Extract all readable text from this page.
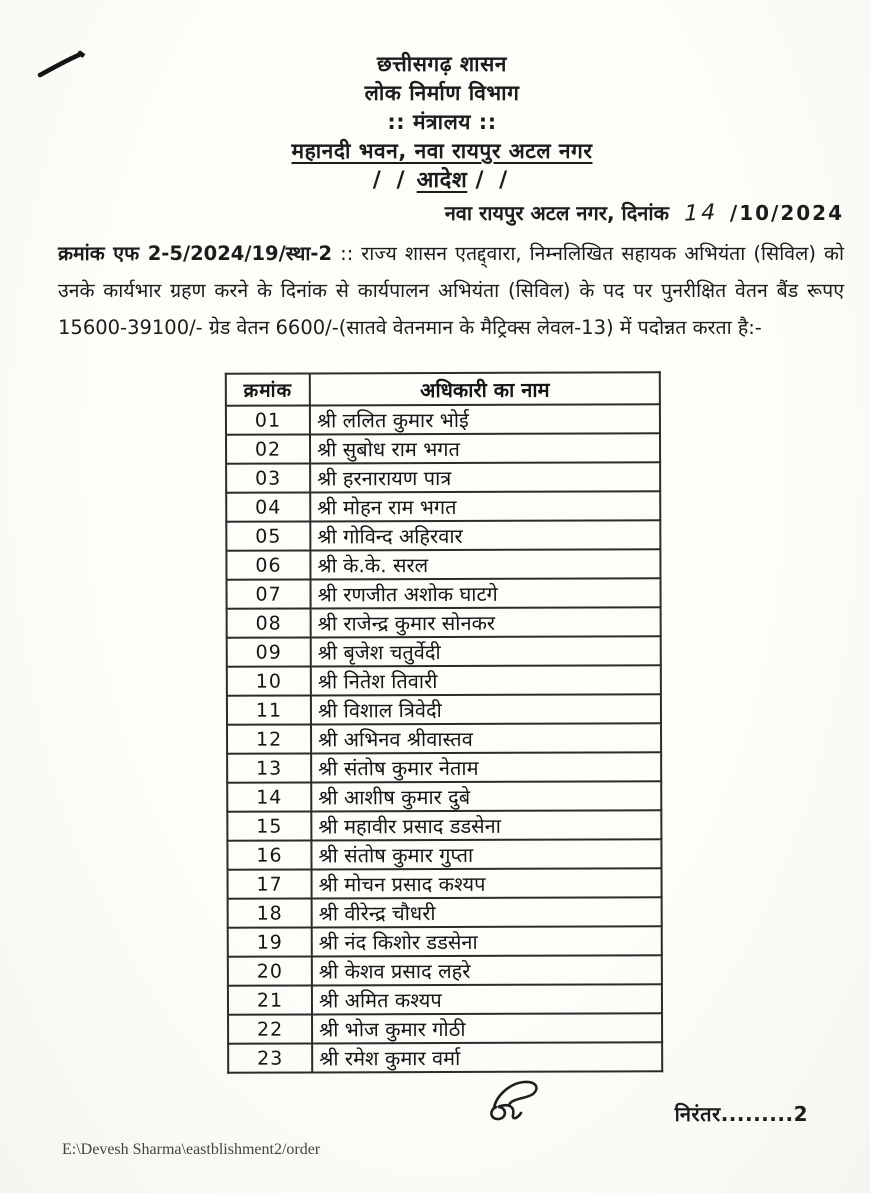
छत्तीसगढ़ शासन
लोक निर्माण विभाग
:: मंत्रालय ::
महानदी भवन, नवा रायपुर अटल नगर
/ / आदेश / /
नवा रायपुर अटल नगर, दिनांक 14 /10/2024
क्रमांक एफ 2-5/2024/19/स्था-2 :: राज्य शासन एतद्द्वारा, निम्नलिखित सहायक अभियंता (सिविल) को उनके कार्यभार ग्रहण करने के दिनांक से कार्यपालन अभियंता (सिविल) के पद पर पुनरीक्षित वेतन बैंड रूपए 15600-39100/- ग्रेड वेतन 6600/-(सातवे वेतनमान के मैट्रिक्स लेवल-13) में पदोन्नत करता है:-
क्रमांक	अधिकारी का नाम
01	श्री ललित कुमार भोई
02	श्री सुबोध राम भगत
03	श्री हरनारायण पात्र
04	श्री मोहन राम भगत
05	श्री गोविन्द अहिरवार
06	श्री के.के. सरल
07	श्री रणजीत अशोक घाटगे
08	श्री राजेन्द्र कुमार सोनकर
09	श्री बृजेश चतुर्वेदी
10	श्री नितेश तिवारी
11	श्री विशाल त्रिवेदी
12	श्री अभिनव श्रीवास्तव
13	श्री संतोष कुमार नेताम
14	श्री आशीष कुमार दुबे
15	श्री महावीर प्रसाद डडसेना
16	श्री संतोष कुमार गुप्ता
17	श्री मोचन प्रसाद कश्यप
18	श्री वीरेन्द्र चौधरी
19	श्री नंद किशोर डडसेना
20	श्री केशव प्रसाद लहरे
21	श्री अमित कश्यप
22	श्री भोज कुमार गोठी
23	श्री रमेश कुमार वर्मा
निरंतर.........2
E:\Devesh Sharma\eastblishment2/order
